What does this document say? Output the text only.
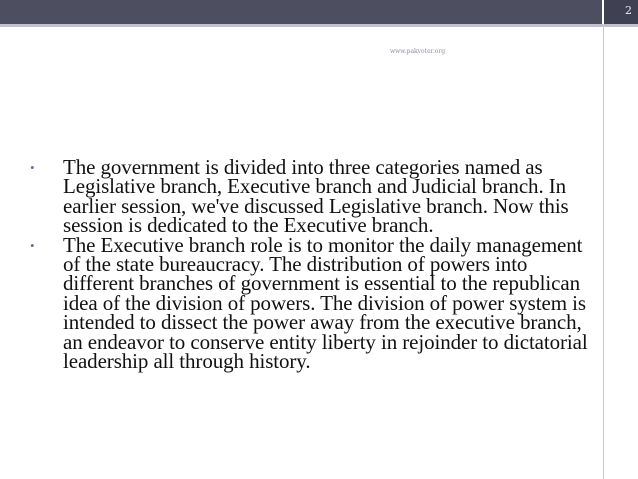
2
www.pakvoter.org
• The government is divided into three categories named as Legislative branch, Executive branch and Judicial branch. In earlier session, we've discussed Legislative branch. Now this session is dedicated to the Executive branch.
• The Executive branch role is to monitor the daily management of the state bureaucracy. The distribution of powers into different branches of government is essential to the republican idea of the division of powers. The division of power system is intended to dissect the power away from the executive branch, an endeavor to conserve entity liberty in rejoinder to dictatorial leadership all through history.
